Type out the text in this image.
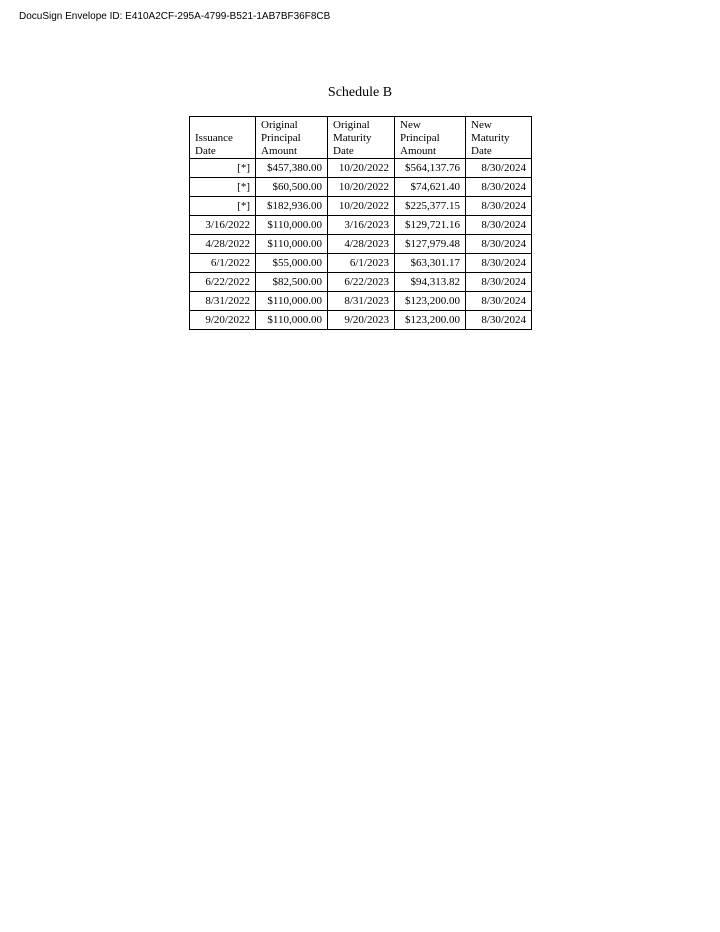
DocuSign Envelope ID: E410A2CF-295A-4799-B521-1AB7BF36F8CB
Schedule B
Issuance
Date	Original
Principal
Amount	Original
Maturity
Date	New
Principal
Amount	New
Maturity
Date

[*]	$457,380.00	10/20/2022	$564,137.76	8/30/2024
[*]	$60,500.00	10/20/2022	$74,621.40	8/30/2024
[*]	$182,936.00	10/20/2022	$225,377.15	8/30/2024
3/16/2022	$110,000.00	3/16/2023	$129,721.16	8/30/2024
4/28/2022	$110,000.00	4/28/2023	$127,979.48	8/30/2024
6/1/2022	$55,000.00	6/1/2023	$63,301.17	8/30/2024
6/22/2022	$82,500.00	6/22/2023	$94,313.82	8/30/2024
8/31/2022	$110,000.00	8/31/2023	$123,200.00	8/30/2024
9/20/2022	$110,000.00	9/20/2023	$123,200.00	8/30/2024
